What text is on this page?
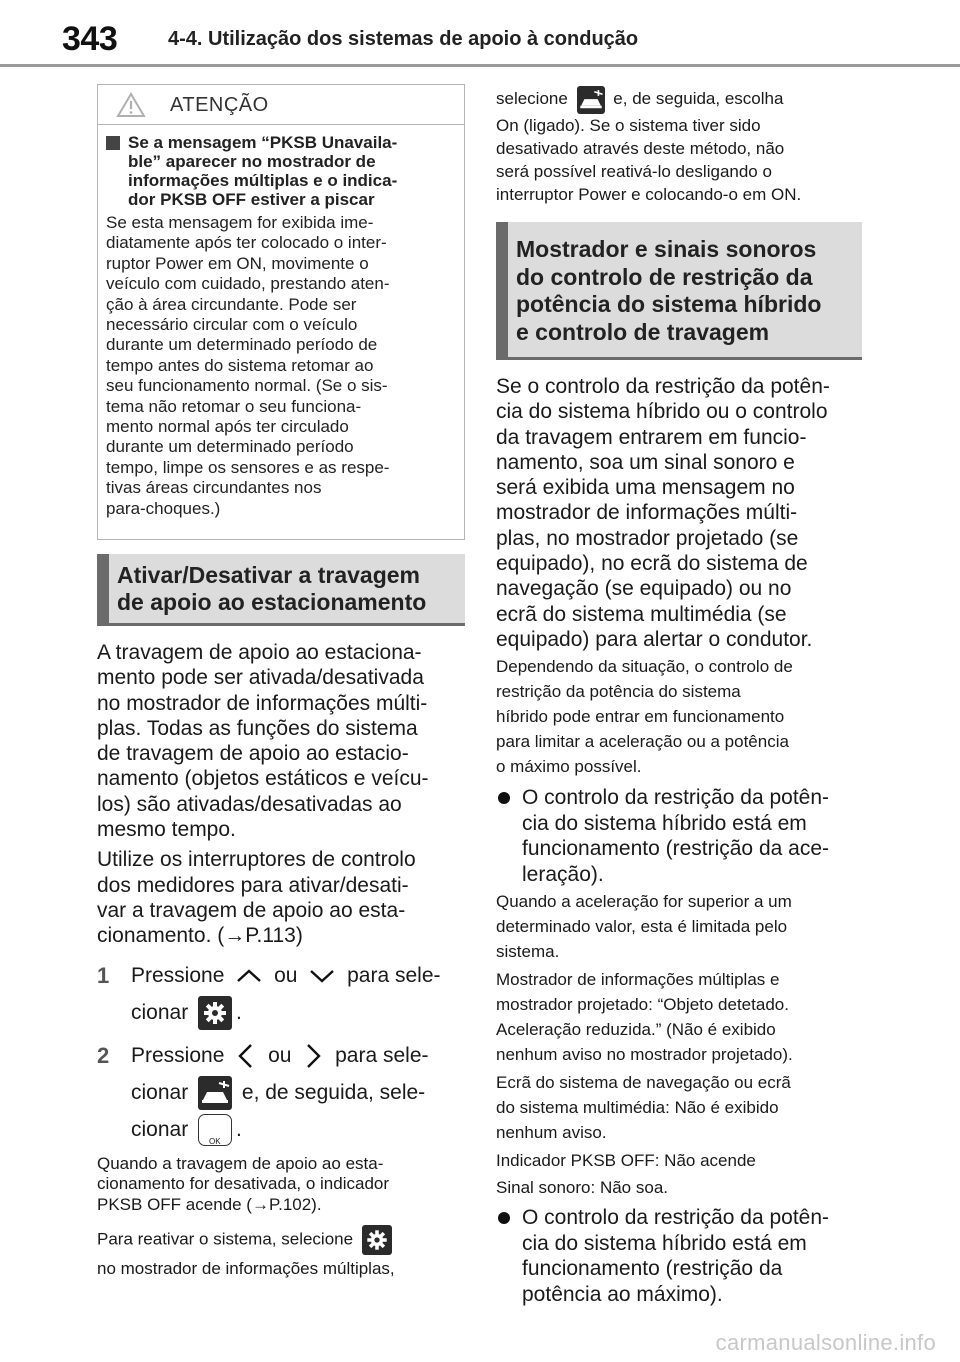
343	4-4. Utilização dos sistemas de apoio à condução
ATENÇÃO
Se a mensagem “PKSB Unavaila-
ble” aparecer no mostrador de
informações múltiplas e o indica-
dor PKSB OFF estiver a piscar
Se esta mensagem for exibida ime-
diatamente após ter colocado o inter-
ruptor Power em ON, movimente o
veículo com cuidado, prestando aten-
ção à área circundante. Pode ser
necessário circular com o veículo
durante um determinado período de
tempo antes do sistema retomar ao
seu funcionamento normal. (Se o sis-
tema não retomar o seu funciona-
mento normal após ter circulado
durante um determinado período
tempo, limpe os sensores e as respe-
tivas áreas circundantes nos
para-choques.)
Ativar/Desativar a travagem
de apoio ao estacionamento
A travagem de apoio ao estaciona-
mento pode ser ativada/desativada
no mostrador de informações múlti-
plas. Todas as funções do sistema
de travagem de apoio ao estacio-
namento (objetos estáticos e veícu-
los) são ativadas/desativadas ao
mesmo tempo.
Utilize os interruptores de controlo
dos medidores para ativar/desati-
var a travagem de apoio ao esta-
cionamento. (→P.113)
1 Pressione ou para sele-
cionar .
2 Pressione ou para sele-
cionar	e, de seguida, sele-
cionar
OK
.
Quando a travagem de apoio ao esta-
cionamento for desativada, o indicador
PKSB OFF acende (→P.102).
Para reativar o sistema, selecione
no mostrador de informações múltiplas,
selecione	e, de seguida, escolha
On (ligado). Se o sistema tiver sido
desativado através deste método, não
será possível reativá-lo desligando o
interruptor Power e colocando-o em ON.
Mostrador e sinais sonoros
do controlo de restrição da
potência do sistema híbrido
e controlo de travagem
Se o controlo da restrição da potên-
cia do sistema híbrido ou o controlo
da travagem entrarem em funcio-
namento, soa um sinal sonoro e
será exibida uma mensagem no
mostrador de informações múlti-
plas, no mostrador projetado (se
equipado), no ecrã do sistema de
navegação (se equipado) ou no
ecrã do sistema multimédia (se
equipado) para alertar o condutor.
Dependendo da situação, o controlo de
restrição da potência do sistema
híbrido pode entrar em funcionamento
para limitar a aceleração ou a potência
o máximo possível.
O controlo da restrição da potên-
cia do sistema híbrido está em
funcionamento (restrição da ace-
leração).
Quando a aceleração for superior a um
determinado valor, esta é limitada pelo
sistema.
Mostrador de informações múltiplas e
mostrador projetado: “Objeto detetado.
Aceleração reduzida.” (Não é exibido
nenhum aviso no mostrador projetado).
Ecrã do sistema de navegação ou ecrã
do sistema multimédia: Não é exibido
nenhum aviso.
Indicador PKSB OFF: Não acende
Sinal sonoro: Não soa.
O controlo da restrição da potên-
cia do sistema híbrido está em
funcionamento (restrição da
potência ao máximo).
carmanualsonline.info
